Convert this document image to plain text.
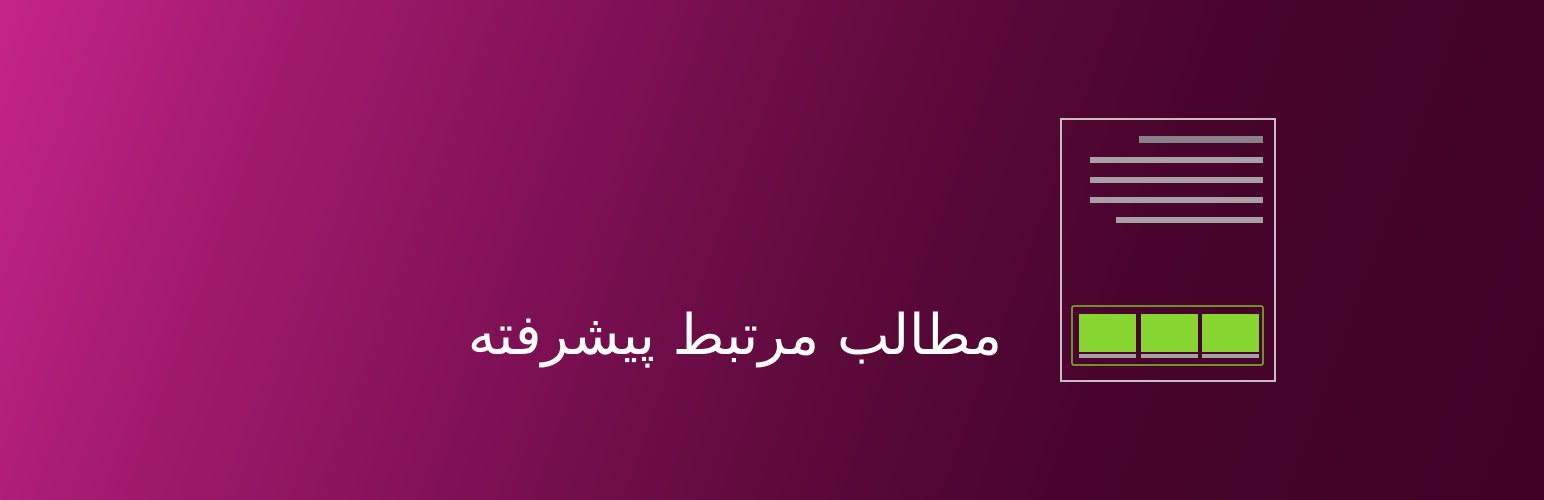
مطالب مرتبط پیشرفته
